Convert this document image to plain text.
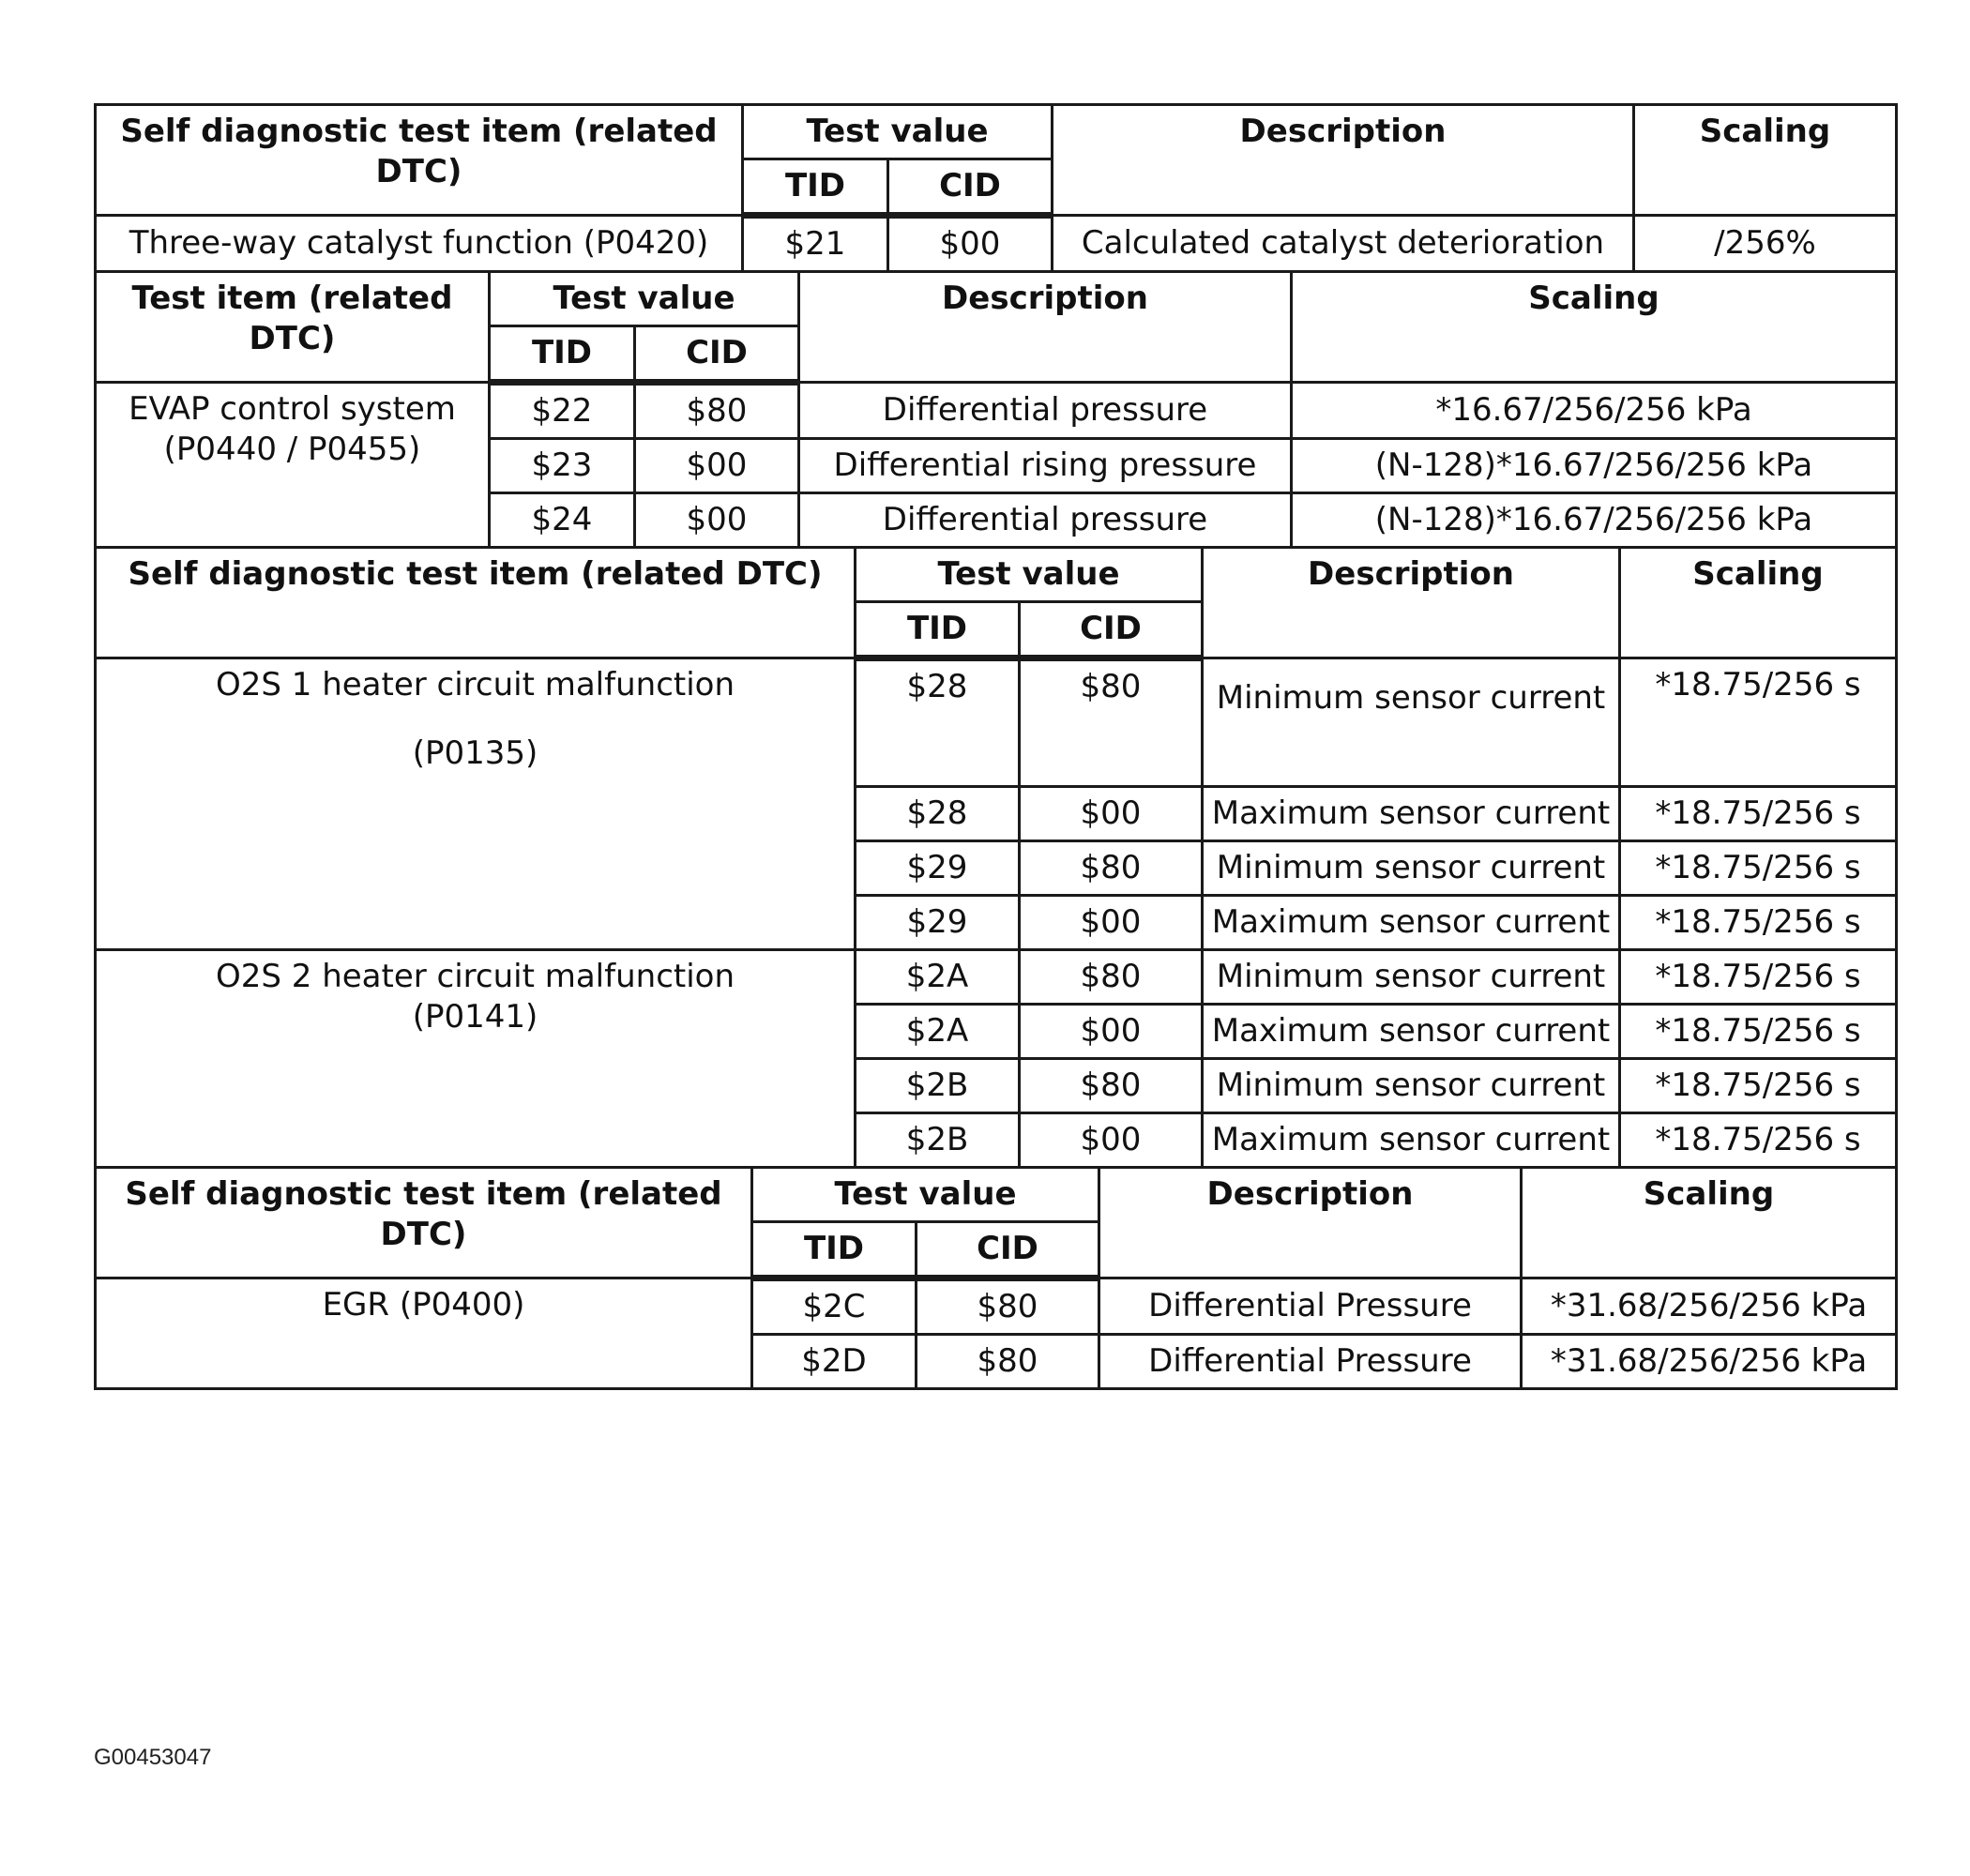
Self diagnostic test item (related DTC)	Test value		Description	Scaling
	TID	CID		
Three-way catalyst function (P0420)	$21	$00	Calculated catalyst deterioration	/256%
Test item (related DTC)	Test value		Description	Scaling
	TID	CID		
EVAP control system (P0440 / P0455)	$22	$80	Differential pressure	*16.67/256/256 kPa
	$23	$00	Differential rising pressure	(N-128)*16.67/256/256 kPa
	$24	$00	Differential pressure	(N-128)*16.67/256/256 kPa
Self diagnostic test item (related DTC)	Test value		Description	Scaling
	TID	CID		

O2S 1 heater circuit malfunction
(P0135)	$28	$80	Minimum sensor current	*18.75/256 s
	$28	$00	Maximum sensor current	*18.75/256 s
	$29	$80	Minimum sensor current	*18.75/256 s
	$29	$00	Maximum sensor current	*18.75/256 s

O2S 2 heater circuit malfunction
(P0141)	$2A	$80	Minimum sensor current	*18.75/256 s
	$2A	$00	Maximum sensor current	*18.75/256 s
	$2B	$80	Minimum sensor current	*18.75/256 s
	$2B	$00	Maximum sensor current	*18.75/256 s
Self diagnostic test item (related DTC)	Test value		Description	Scaling
	TID	CID		
EGR (P0400)	$2C	$80	Differential Pressure	*31.68/256/256 kPa
	$2D	$80	Differential Pressure	*31.68/256/256 kPa
G00453047
